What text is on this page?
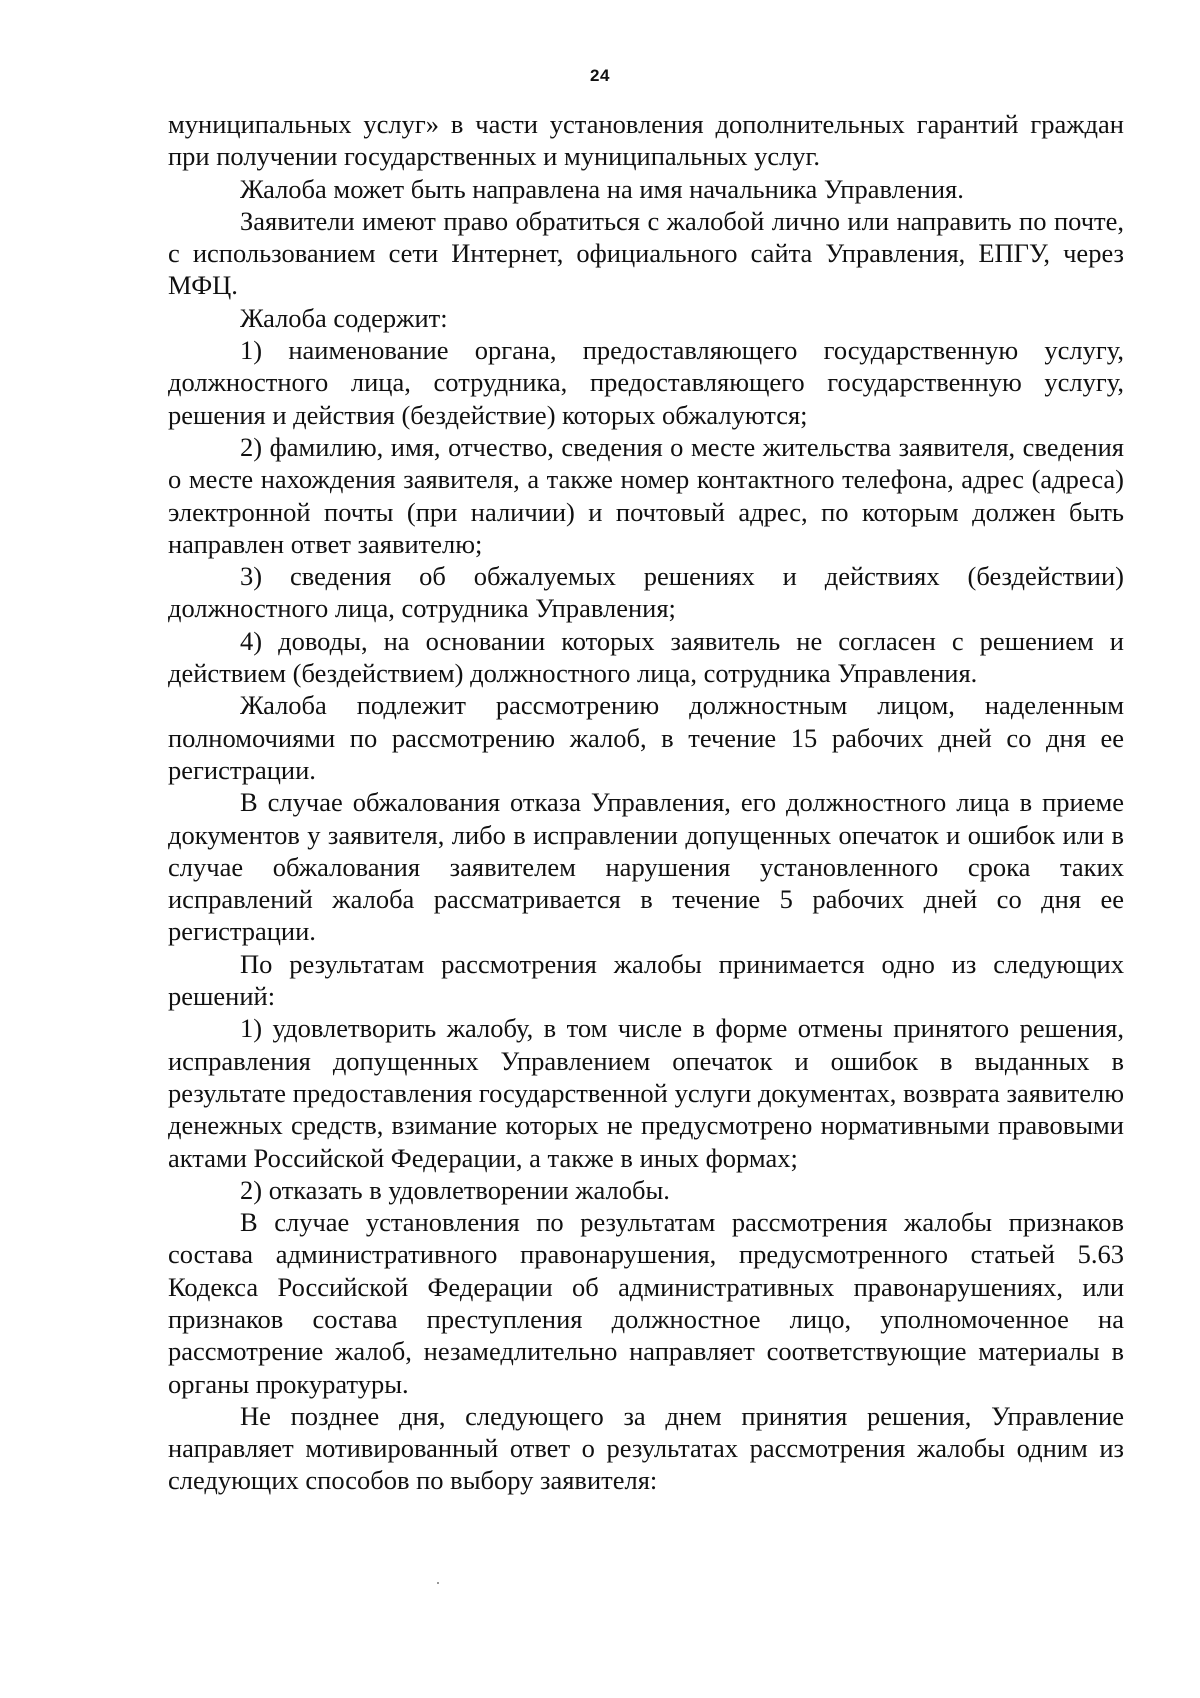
24

муниципальных услуг» в части установления дополнительных гарантий граждан при получении государственных и муниципальных услуг.

Жалоба может быть направлена на имя начальника Управления.

Заявители имеют право обратиться с жалобой лично или направить по почте, с использованием сети Интернет, официального сайта Управления, ЕПГУ, через МФЦ.

Жалоба содержит:

1) наименование органа, предоставляющего государственную услугу, должностного лица, сотрудника, предоставляющего государственную услугу, решения и действия (бездействие) которых обжалуются;

2) фамилию, имя, отчество, сведения о месте жительства заявителя, сведения о месте нахождения заявителя, а также номер контактного телефона, адрес (адреса) электронной почты (при наличии) и почтовый адрес, по которым должен быть направлен ответ заявителю;

3) сведения об обжалуемых решениях и действиях (бездействии) должностного лица, сотрудника Управления;

4) доводы, на основании которых заявитель не согласен с решением и действием (бездействием) должностного лица, сотрудника Управления.

Жалоба подлежит рассмотрению должностным лицом, наделенным полномочиями по рассмотрению жалоб, в течение 15 рабочих дней со дня ее регистрации.

В случае обжалования отказа Управления, его должностного лица в приеме документов у заявителя, либо в исправлении допущенных опечаток и ошибок или в случае обжалования заявителем нарушения установленного срока таких исправлений жалоба рассматривается в течение 5 рабочих дней со дня ее регистрации.

По результатам рассмотрения жалобы принимается одно из следующих решений:

1) удовлетворить жалобу, в том числе в форме отмены принятого решения, исправления допущенных Управлением опечаток и ошибок в выданных в результате предоставления государственной услуги документах, возврата заявителю денежных средств, взимание которых не предусмотрено нормативными правовыми актами Российской Федерации, а также в иных формах;

2) отказать в удовлетворении жалобы.

В случае установления по результатам рассмотрения жалобы признаков состава административного правонарушения, предусмотренного статьей 5.63 Кодекса Российской Федерации об административных правонарушениях, или признаков состава преступления должностное лицо, уполномоченное на рассмотрение жалоб, незамедлительно направляет соответствующие материалы в органы прокуратуры.

Не позднее дня, следующего за днем принятия решения, Управление направляет мотивированный ответ о результатах рассмотрения жалобы одним из следующих способов по выбору заявителя:
